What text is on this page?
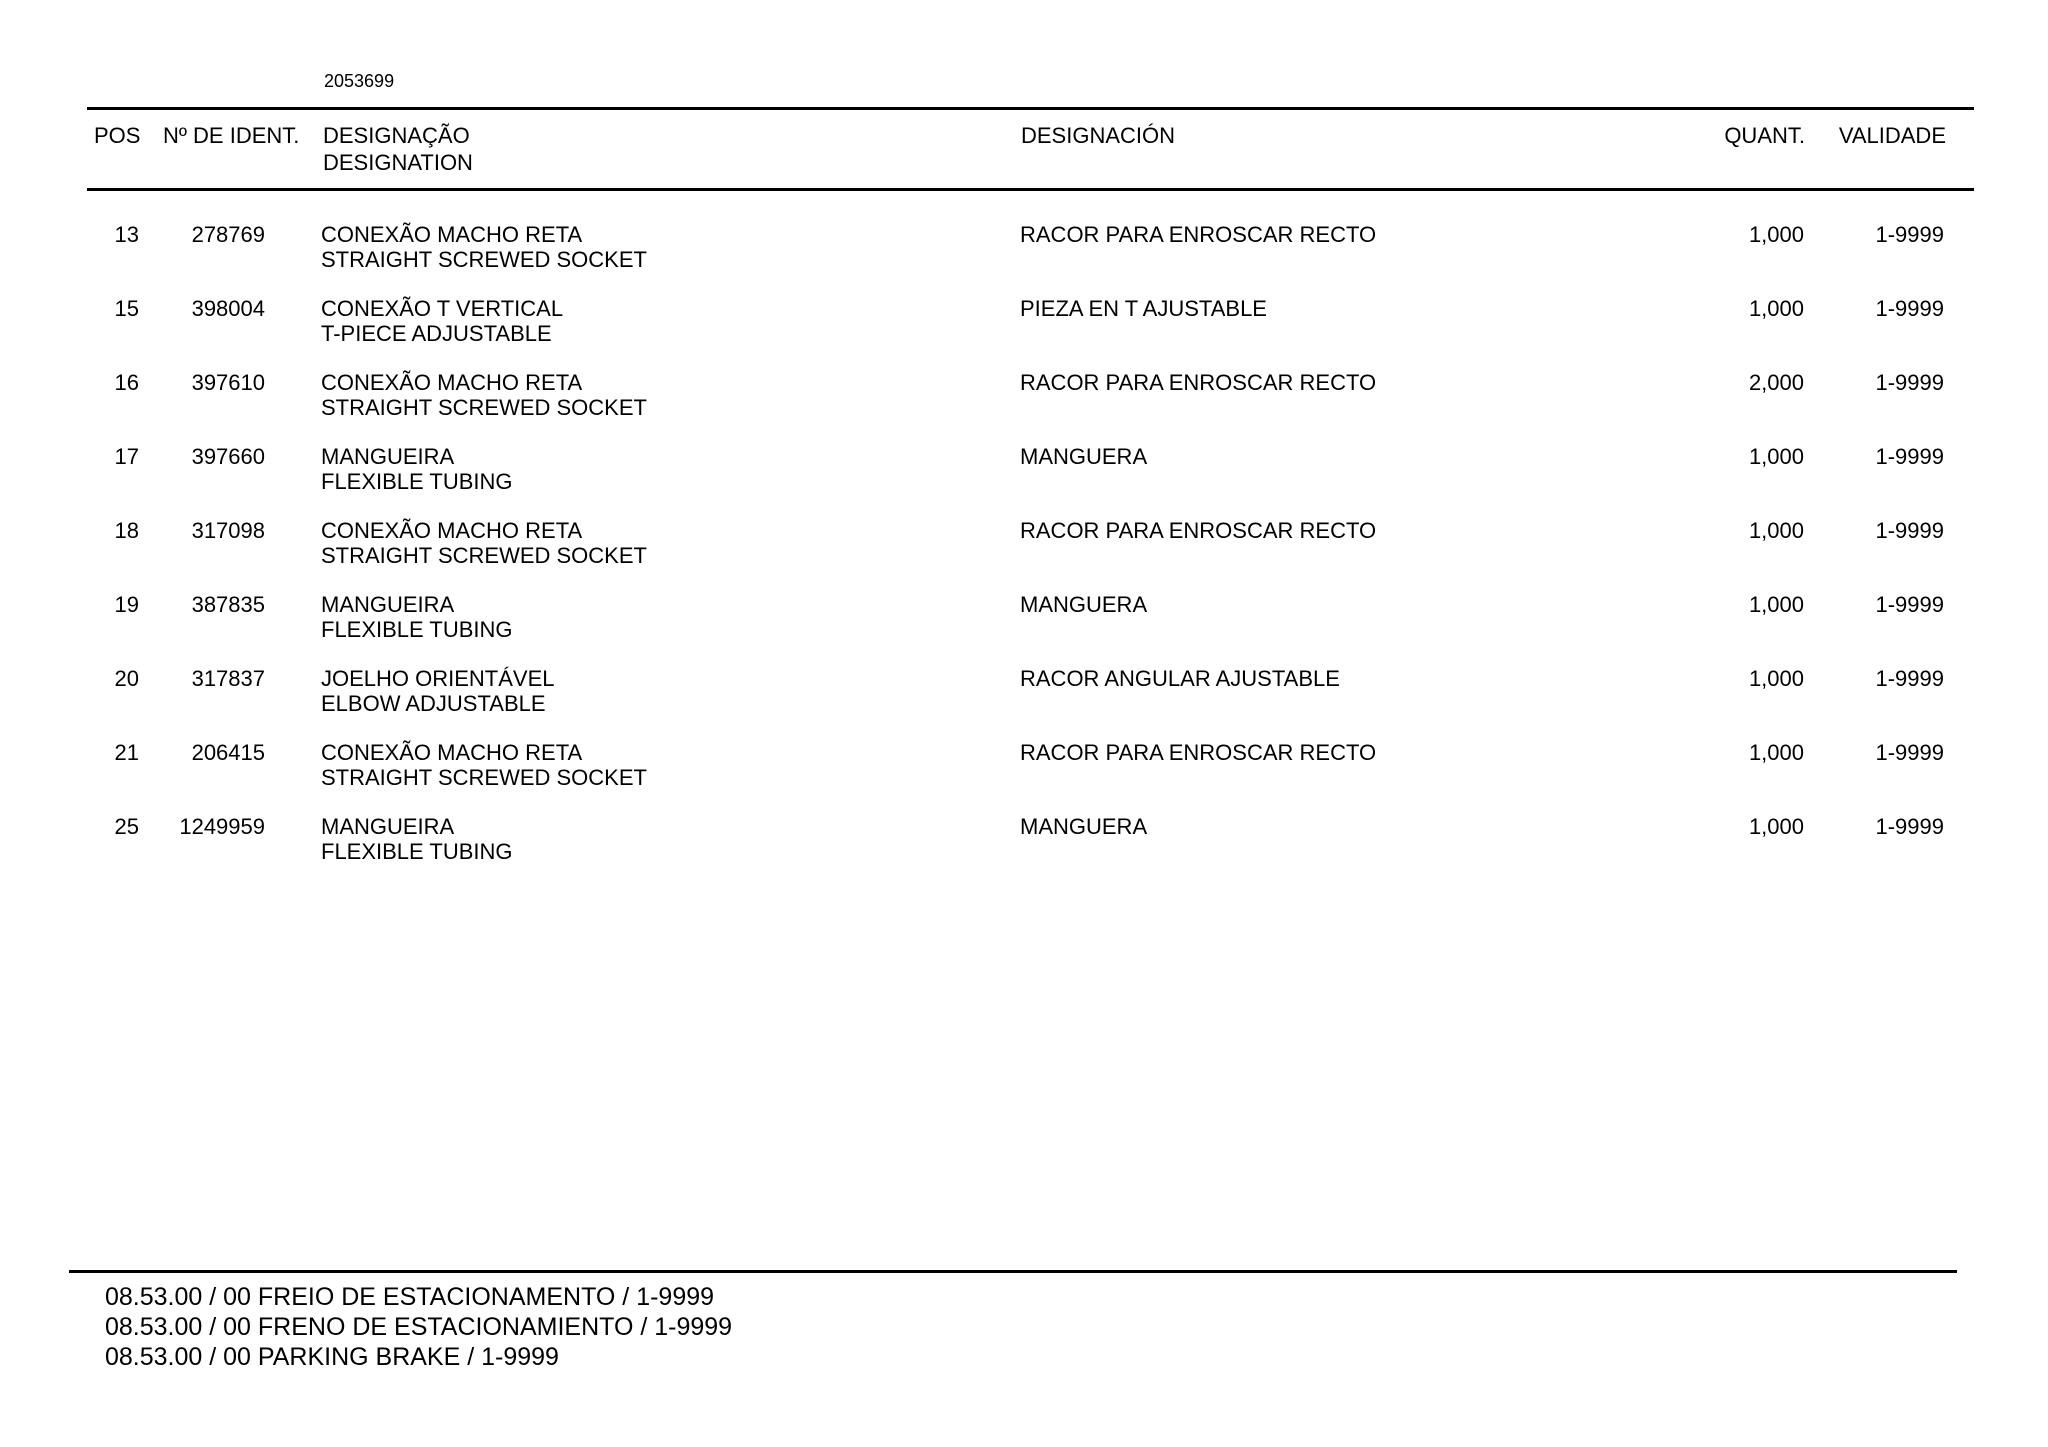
2053699
POS Nº DE IDENT. DESIGNAÇÃO
DESIGNATION
DESIGNACIÓN	QUANT. VALIDADE
13 278769	CONEXÃO MACHO RETA
STRAIGHT SCREWED SOCKET
RACOR PARA ENROSCAR RECTO	1,000	1-9999
15 398004	CONEXÃO T VERTICAL
T-PIECE ADJUSTABLE
PIEZA EN T AJUSTABLE	1,000	1-9999
16 397610	CONEXÃO MACHO RETA
STRAIGHT SCREWED SOCKET
RACOR PARA ENROSCAR RECTO	2,000	1-9999
17 397660	MANGUEIRA
FLEXIBLE TUBING
MANGUERA	1,000	1-9999
18 317098	CONEXÃO MACHO RETA
STRAIGHT SCREWED SOCKET
RACOR PARA ENROSCAR RECTO	1,000	1-9999
19 387835	MANGUEIRA
FLEXIBLE TUBING
MANGUERA	1,000	1-9999
20 317837	JOELHO ORIENTÁVEL
ELBOW ADJUSTABLE
RACOR ANGULAR AJUSTABLE	1,000	1-9999
21 206415	CONEXÃO MACHO RETA
STRAIGHT SCREWED SOCKET
RACOR PARA ENROSCAR RECTO	1,000	1-9999
25 1249959	MANGUEIRA
FLEXIBLE TUBING
MANGUERA	1,000	1-9999
08.53.00 / 00 FREIO DE ESTACIONAMENTO / 1-9999
08.53.00 / 00 FRENO DE ESTACIONAMIENTO / 1-9999
08.53.00 / 00 PARKING BRAKE / 1-9999
